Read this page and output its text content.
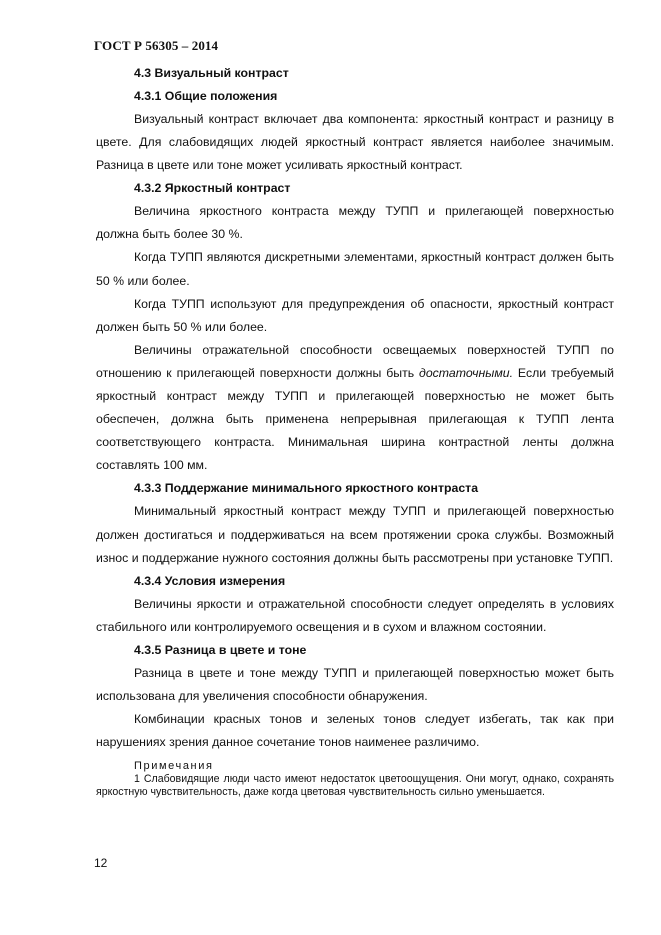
ГОСТ Р 56305 – 2014
4.3 Визуальный контраст
4.3.1 Общие положения
Визуальный контраст включает два компонента: яркостный контраст и разницу в цвете. Для слабовидящих людей яркостный контраст является наиболее значимым. Разница в цвете или тоне может усиливать яркостный контраст.
4.3.2 Яркостный контраст
Величина яркостного контраста между ТУПП и прилегающей поверхностью должна быть более 30 %.
Когда ТУПП являются дискретными элементами, яркостный контраст должен быть 50 % или более.
Когда ТУПП используют для предупреждения об опасности, яркостный контраст должен быть 50 % или более.
Величины отражательной способности освещаемых поверхностей ТУПП по отношению к прилегающей поверхности должны быть достаточными. Если требуемый яркостный контраст между ТУПП и прилегающей поверхностью не может быть обеспечен, должна быть применена непрерывная прилегающая к ТУПП лента соответствующего контраста. Минимальная ширина контрастной ленты должна составлять 100 мм.
4.3.3 Поддержание минимального яркостного контраста
Минимальный яркостный контраст между ТУПП и прилегающей поверхностью должен достигаться и поддерживаться на всем протяжении срока службы. Возможный износ и поддержание нужного состояния должны быть рассмотрены при установке ТУПП.
4.3.4 Условия измерения
Величины яркости и отражательной способности следует определять в условиях стабильного или контролируемого освещения и в сухом и влажном состоянии.
4.3.5 Разница в цвете и тоне
Разница в цвете и тоне между ТУПП и прилегающей поверхностью может быть использована для увеличения способности обнаружения.
Комбинации красных тонов и зеленых тонов следует избегать, так как при нарушениях зрения данное сочетание тонов наименее различимо.
Примечания
1 Слабовидящие люди часто имеют недостаток цветоощущения. Они могут, однако, сохранять яркостную чувствительность, даже когда цветовая чувствительность сильно уменьшается.
12
